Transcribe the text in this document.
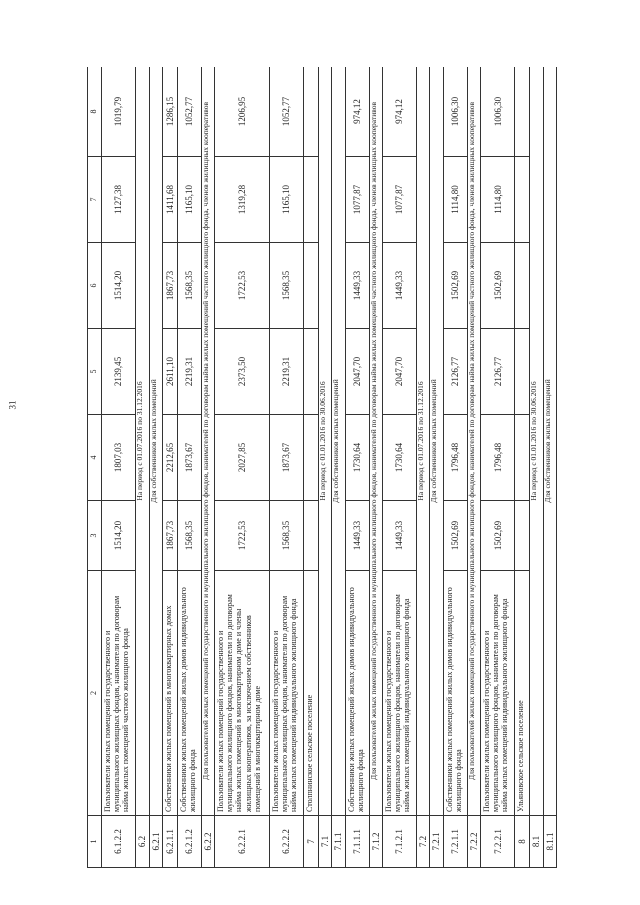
31
1	2	3	4	5	6	7	8
6.1.2.2	Пользователи жилых помещений государственного и муниципального жилищных фондов, наниматели по договорам найма жилых помещений частного жилищного фонда	1514,20	1807,03	2139,45	1514,20	1127,38	1019,79
6.2	На период с 01.07.2016 по 31.12.2016						
6.2.1	Для собственников жилых помещений						
6.2.1.1	Собственники жилых помещений в многоквартирных домах	1867,73	2212,65	2611,10	1867,73	1411,68	1286,15
6.2.1.2	Собственники жилых помещений жилых домов индивидуального жилищного фонда	1568,35	1873,67	2219,31	1568,35	1165,10	1052,77
6.2.2	Для пользователей жилых помещений государственного и муниципального жилищного фондов, нанимателей по договорам найма жилых помещений частного жилищного фонда, членов жилищных кооперативов						
6.2.2.1	Пользователи жилых помещений государственного и муниципального жилищного фондов, наниматели по договорам найма жилых помещений в многоквартирном доме и члены жилищных кооперативов, за исключением собственников помещений в многоквартирном доме	1722,53	2027,85	2373,50	1722,53	1319,28	1206,95
6.2.2.2	Пользователи жилых помещений государственного и муниципального жилищных фондов, наниматели по договорам найма жилых помещений индивидуального жилищного фонда	1568,35	1873,67	2219,31	1568,35	1165,10	1052,77
7	Столпнинское сельское поселение						
7.1	На период с 01.01.2016 по 30.06.2016						
7.1.1	Для собственников жилых помещений						
7.1.1.1	Собственники жилых помещений жилых домов индивидуального жилищного фонда	1449,33	1730,64	2047,70	1449,33	1077,87	974,12
7.1.2	Для пользователей жилых помещений государственного и муниципального жилищного фондов, нанимателей по договорам найма жилых помещений частного жилищного фонда, членов жилищных кооперативов						
7.1.2.1	Пользователи жилых помещений государственного и муниципального жилищного фондов, наниматели по договорам найма жилых помещений индивидуального жилищного фонда	1449,33	1730,64	2047,70	1449,33	1077,87	974,12
7.2	На период с 01.07.2016 по 31.12.2016						
7.2.1	Для собственников жилых помещений						
7.2.1.1	Собственники жилых помещений жилых домов индивидуального жилищного фонда	1502,69	1796,48	2126,77	1502,69	1114,80	1006,30
7.2.2	Для пользователей жилых помещений государственного и муниципального жилищного фондов, нанимателей по договорам найма жилых помещений частного жилищного фонда, членов жилищных кооперативов						
7.2.2.1	Пользователи жилых помещений государственного и муниципального жилищного фондов, наниматели по договорам найма жилых помещений индивидуального жилищного фонда	1502,69	1796,48	2126,77	1502,69	1114,80	1006,30
8	Ульяновское сельское поселение						
8.1	На период с 01.01.2016 по 30.06.2016						
8.1.1	Для собственников жилых помещений						
